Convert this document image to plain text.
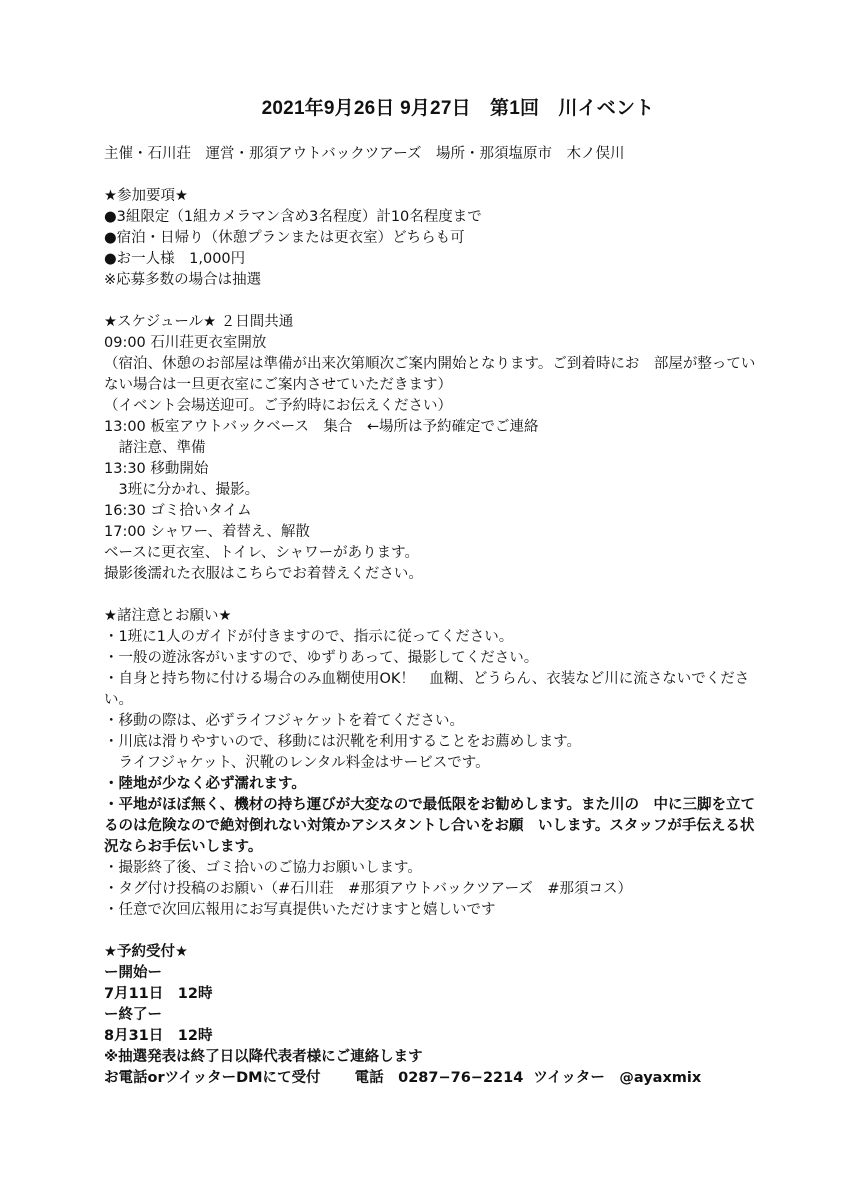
2021年9月26日 9月27日　第1回　川イベント
主催・石川荘　運営・那須アウトバックツアーズ　場所・那須塩原市　木ノ俣川
★参加要項★
●3組限定（1組カメラマン含め3名程度）計10名程度まで
●宿泊・日帰り（休憩プランまたは更衣室）どちらも可
●お一人様　1,000円
※応募多数の場合は抽選
★スケジュール★ ２日間共通
09:00 石川荘更衣室開放
（宿泊、休憩のお部屋は準備が出来次第順次ご案内開始となります。ご到着時にお　部屋が整っていない場合は一旦更衣室にご案内させていただきます）
（イベント会場送迎可。ご予約時にお伝えください）
13:00 板室アウトバックベース　集合　←場所は予約確定でご連絡
　諸注意、準備
13:30 移動開始
　3班に分かれ、撮影。
16:30 ゴミ拾いタイム
17:00 シャワー、着替え、解散
ベースに更衣室、トイレ、シャワーがあります。
撮影後濡れた衣服はこちらでお着替えください。
★諸注意とお願い★
・1班に1人のガイドが付きますので、指示に従ってください。
・一般の遊泳客がいますので、ゆずりあって、撮影してください。
・自身と持ち物に付ける場合のみ血糊使用OK！　血糊、どうらん、衣装など川に流さないでください。
・移動の際は、必ずライフジャケットを着てください。
・川底は滑りやすいので、移動には沢靴を利用することをお薦めします。
　ライフジャケット、沢靴のレンタル料金はサービスです。
・陸地が少なく必ず濡れます。
・平地がほぼ無く、機材の持ち運びが大変なので最低限をお勧めします。また川の　中に三脚を立てるのは危険なので絶対倒れない対策かアシスタントし合いをお願　いします。スタッフが手伝える状況ならお手伝いします。
・撮影終了後、ゴミ拾いのご協力お願いします。
・タグ付け投稿のお願い（#石川荘　#那須アウトバックツアーズ　#那須コス）
・任意で次回広報用にお写真提供いただけますと嬉しいです
★予約受付★
ー開始ー
7月11日　12時
ー終了ー
8月31日　12時
※抽選発表は終了日以降代表者様にご連絡します
お電話orツイッターDMにて受付　　 電話　0287−76−2214  ツイッター　@ayaxmix
